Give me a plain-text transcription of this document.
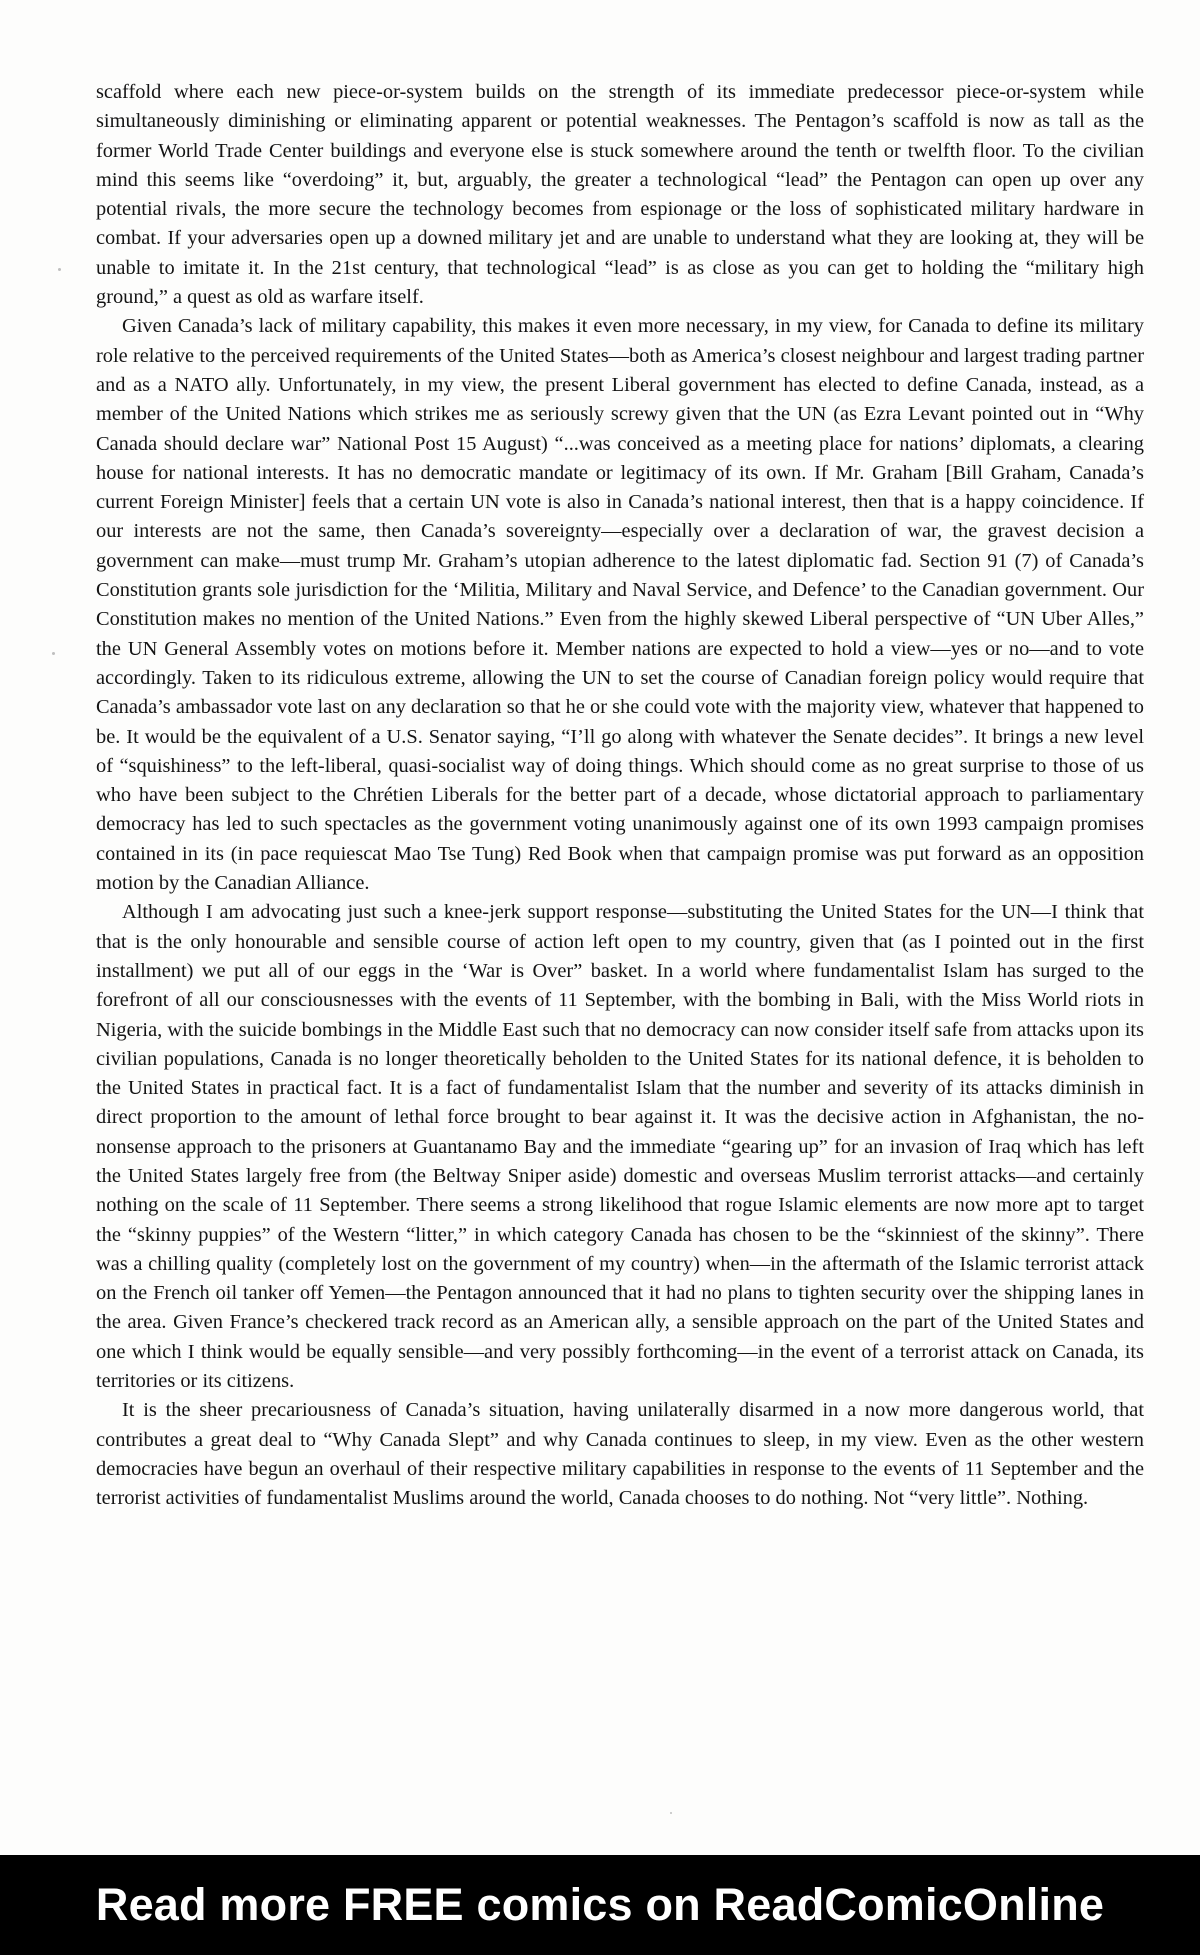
scaffold where each new piece-or-system builds on the strength of its immediate predecessor piece-or-system while simultaneously diminishing or eliminating apparent or potential weaknesses. The Pentagon’s scaffold is now as tall as the former World Trade Center buildings and everyone else is stuck somewhere around the tenth or twelfth floor. To the civilian mind this seems like “overdoing” it, but, arguably, the greater a technological “lead” the Pentagon can open up over any potential rivals, the more secure the technology becomes from espionage or the loss of sophisticated military hardware in combat. If your adversaries open up a downed military jet and are unable to understand what they are looking at, they will be unable to imitate it. In the 21st century, that technological “lead” is as close as you can get to holding the “military high ground,” a quest as old as warfare itself.

Given Canada’s lack of military capability, this makes it even more necessary, in my view, for Canada to define its military role relative to the perceived requirements of the United States—both as America’s closest neighbour and largest trading partner and as a NATO ally. Unfortunately, in my view, the present Liberal government has elected to define Canada, instead, as a member of the United Nations which strikes me as seriously screwy given that the UN (as Ezra Levant pointed out in “Why Canada should declare war” National Post 15 August) “...was conceived as a meeting place for nations’ diplomats, a clearing house for national interests. It has no democratic mandate or legitimacy of its own. If Mr. Graham [Bill Graham, Canada’s current Foreign Minister] feels that a certain UN vote is also in Canada’s national interest, then that is a happy coincidence. If our interests are not the same, then Canada’s sovereignty—especially over a declaration of war, the gravest decision a government can make—must trump Mr. Graham’s utopian adherence to the latest diplomatic fad. Section 91 (7) of Canada’s Constitution grants sole jurisdiction for the ‘Militia, Military and Naval Service, and Defence’ to the Canadian government. Our Constitution makes no mention of the United Nations.” Even from the highly skewed Liberal perspective of “UN Uber Alles,” the UN General Assembly votes on motions before it. Member nations are expected to hold a view—yes or no—and to vote accordingly. Taken to its ridiculous extreme, allowing the UN to set the course of Canadian foreign policy would require that Canada’s ambassador vote last on any declaration so that he or she could vote with the majority view, whatever that happened to be. It would be the equivalent of a U.S. Senator saying, “I’ll go along with whatever the Senate decides”. It brings a new level of “squishiness” to the left-liberal, quasi-socialist way of doing things. Which should come as no great surprise to those of us who have been subject to the Chrétien Liberals for the better part of a decade, whose dictatorial approach to parliamentary democracy has led to such spectacles as the government voting unanimously against one of its own 1993 campaign promises contained in its (in pace requiescat Mao Tse Tung) Red Book when that campaign promise was put forward as an opposition motion by the Canadian Alliance.

Although I am advocating just such a knee-jerk support response—substituting the United States for the UN—I think that that is the only honourable and sensible course of action left open to my country, given that (as I pointed out in the first installment) we put all of our eggs in the ‘War is Over” basket. In a world where fundamentalist Islam has surged to the forefront of all our consciousnesses with the events of 11 September, with the bombing in Bali, with the Miss World riots in Nigeria, with the suicide bombings in the Middle East such that no democracy can now consider itself safe from attacks upon its civilian populations, Canada is no longer theoretically beholden to the United States for its national defence, it is beholden to the United States in practical fact. It is a fact of fundamentalist Islam that the number and severity of its attacks diminish in direct proportion to the amount of lethal force brought to bear against it. It was the decisive action in Afghanistan, the no-nonsense approach to the prisoners at Guantanamo Bay and the immediate “gearing up” for an invasion of Iraq which has left the United States largely free from (the Beltway Sniper aside) domestic and overseas Muslim terrorist attacks—and certainly nothing on the scale of 11 September. There seems a strong likelihood that rogue Islamic elements are now more apt to target the “skinny puppies” of the Western “litter,” in which category Canada has chosen to be the “skinniest of the skinny”. There was a chilling quality (completely lost on the government of my country) when—in the aftermath of the Islamic terrorist attack on the French oil tanker off Yemen—the Pentagon announced that it had no plans to tighten security over the shipping lanes in the area. Given France’s checkered track record as an American ally, a sensible approach on the part of the United States and one which I think would be equally sensible—and very possibly forthcoming—in the event of a terrorist attack on Canada, its territories or its citizens.

It is the sheer precariousness of Canada’s situation, having unilaterally disarmed in a now more dangerous world, that contributes a great deal to “Why Canada Slept” and why Canada continues to sleep, in my view. Even as the other western democracies have begun an overhaul of their respective military capabilities in response to the events of 11 September and the terrorist activities of fundamentalist Muslims around the world, Canada chooses to do nothing. Not “very little”. Nothing.

Read more FREE comics on ReadComicOnline
